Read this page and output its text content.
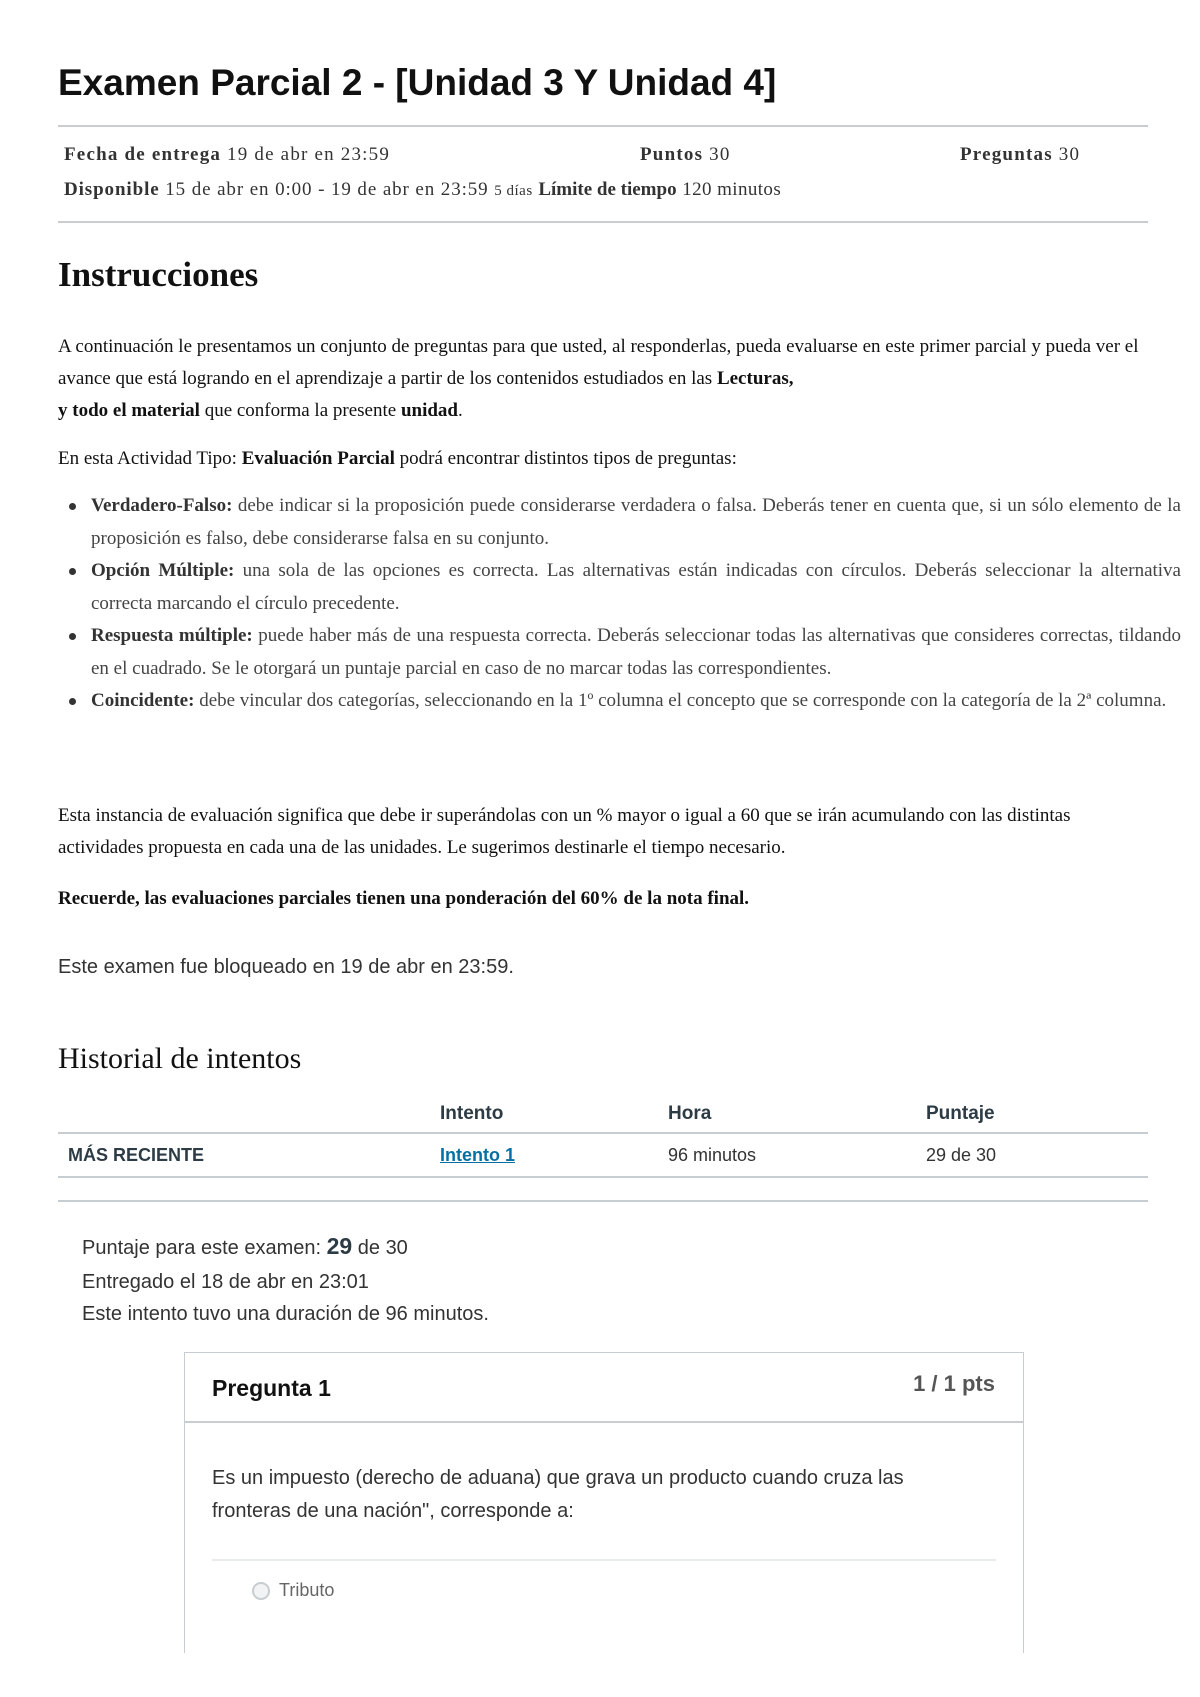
Examen Parcial 2 - [Unidad 3 Y Unidad 4]
Fecha de entrega 19 de abr en 23:59	Puntos 30	Preguntas 30
Disponible 15 de abr en 0:00 - 19 de abr en 23:59 5 días Límite de tiempo 120 minutos
Instrucciones
A continuación le presentamos un conjunto de preguntas para que usted, al responderlas, pueda evaluarse en este primer parcial y pueda ver el avance que está logrando en el aprendizaje a partir de los contenidos estudiados en las Lecturas,
y todo el material que conforma la presente unidad.
En esta Actividad Tipo: Evaluación Parcial podrá encontrar distintos tipos de preguntas:
Verdadero-Falso: debe indicar si la proposición puede considerarse verdadera o falsa. Deberás tener en cuenta que, si un sólo elemento de la proposición es falso, debe considerarse falsa en su conjunto.
Opción Múltiple: una sola de las opciones es correcta. Las alternativas están indicadas con círculos. Deberás seleccionar la alternativa correcta marcando el círculo precedente.
Respuesta múltiple: puede haber más de una respuesta correcta. Deberás seleccionar todas las alternativas que consideres correctas, tildando en el cuadrado. Se le otorgará un puntaje parcial en caso de no marcar todas las correspondientes.
Coincidente: debe vincular dos categorías, seleccionando en la 1º columna el concepto que se corresponde con la categoría de la 2ª columna.
Esta instancia de evaluación significa que debe ir superándolas con un % mayor o igual a 60 que se irán acumulando con las distintas actividades propuesta en cada una de las unidades. Le sugerimos destinarle el tiempo necesario.
Recuerde, las evaluaciones parciales tienen una ponderación del 60% de la nota final.
Este examen fue bloqueado en 19 de abr en 23:59.
Historial de intentos
	Intento	Hora	Puntaje
MÁS RECIENTE	Intento 1	96 minutos	29 de 30
Puntaje para este examen: 29 de 30
Entregado el 18 de abr en 23:01
Este intento tuvo una duración de 96 minutos.
Pregunta 1	1 / 1 pts
Es un impuesto (derecho de aduana) que grava un producto cuando cruza las fronteras de una nación", corresponde a:
Tributo
